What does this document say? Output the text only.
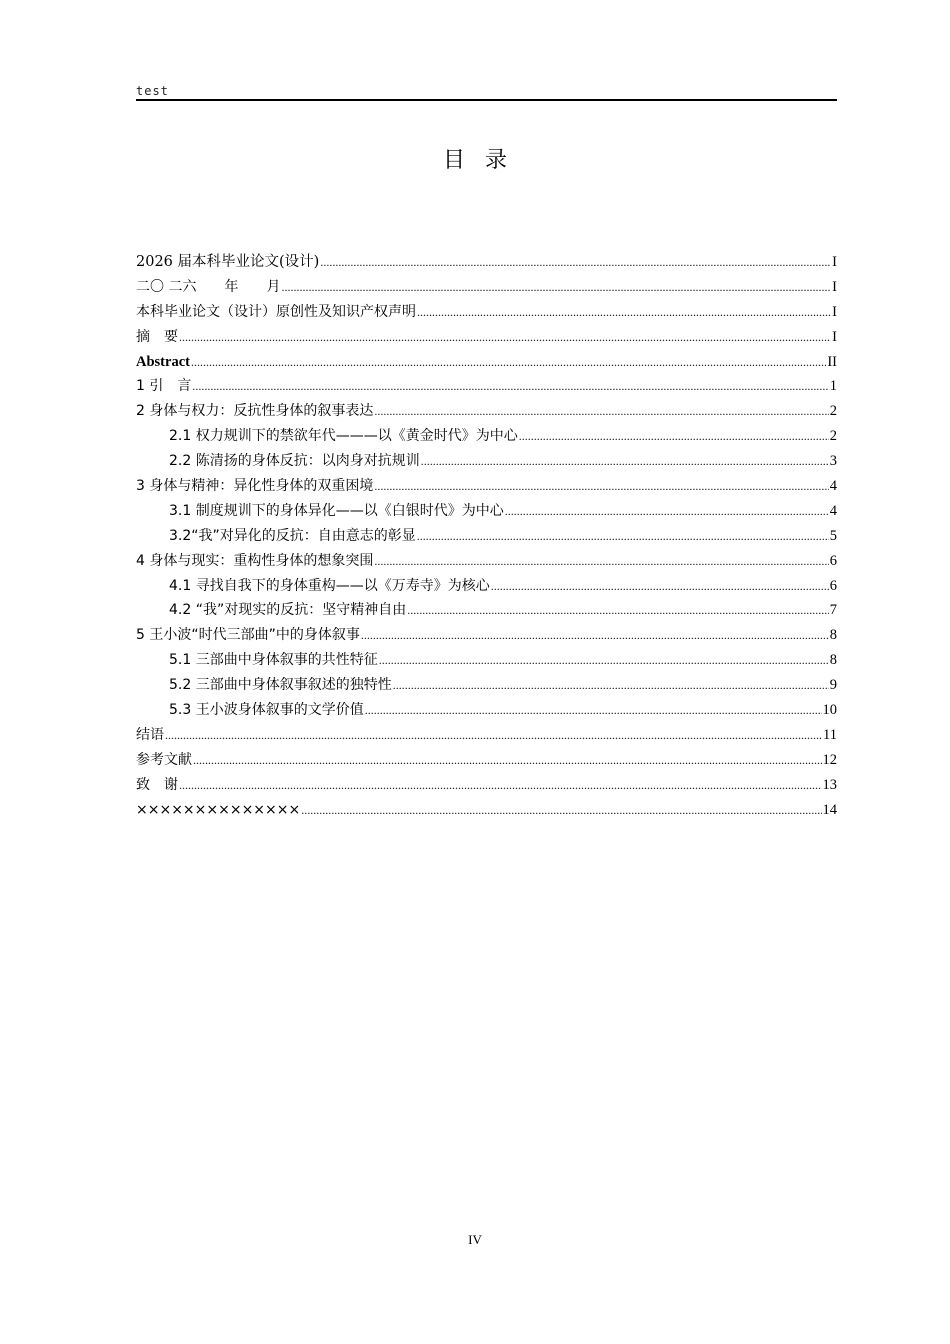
test
目录
2026 届本科毕业论文(设计) .....	I
二〇 二六　　年　　月 .....	I
本科毕业论文（设计）原创性及知识产权声明 .....	I
摘　要 .....	I
Abstract .....	II
1 引　言 .....	1
2 身体与权力：反抗性身体的叙事表达 .....	2
2.1 权力规训下的禁欲年代———以《黄金时代》为中心 .....	2
2.2 陈清扬的身体反抗：以肉身对抗规训 .....	3
3 身体与精神：异化性身体的双重困境 .....	4
3.1 制度规训下的身体异化——以《白银时代》为中心 .....	4
3.2“我”对异化的反抗：自由意志的彰显 .....	5
4 身体与现实：重构性身体的想象突围 .....	6
4.1 寻找自我下的身体重构——以《万寿寺》为核心 .....	6
4.2 “我”对现实的反抗：坚守精神自由 .....	7
5 王小波“时代三部曲”中的身体叙事 .....	8
5.1 三部曲中身体叙事的共性特征 .....	8
5.2 三部曲中身体叙事叙述的独特性 .....	9
5.3 王小波身体叙事的文学价值 .....	10
结语 .....	11
参考文献 .....	12
致　谢 .....	13
×××××××××××××× .....	14
IV
